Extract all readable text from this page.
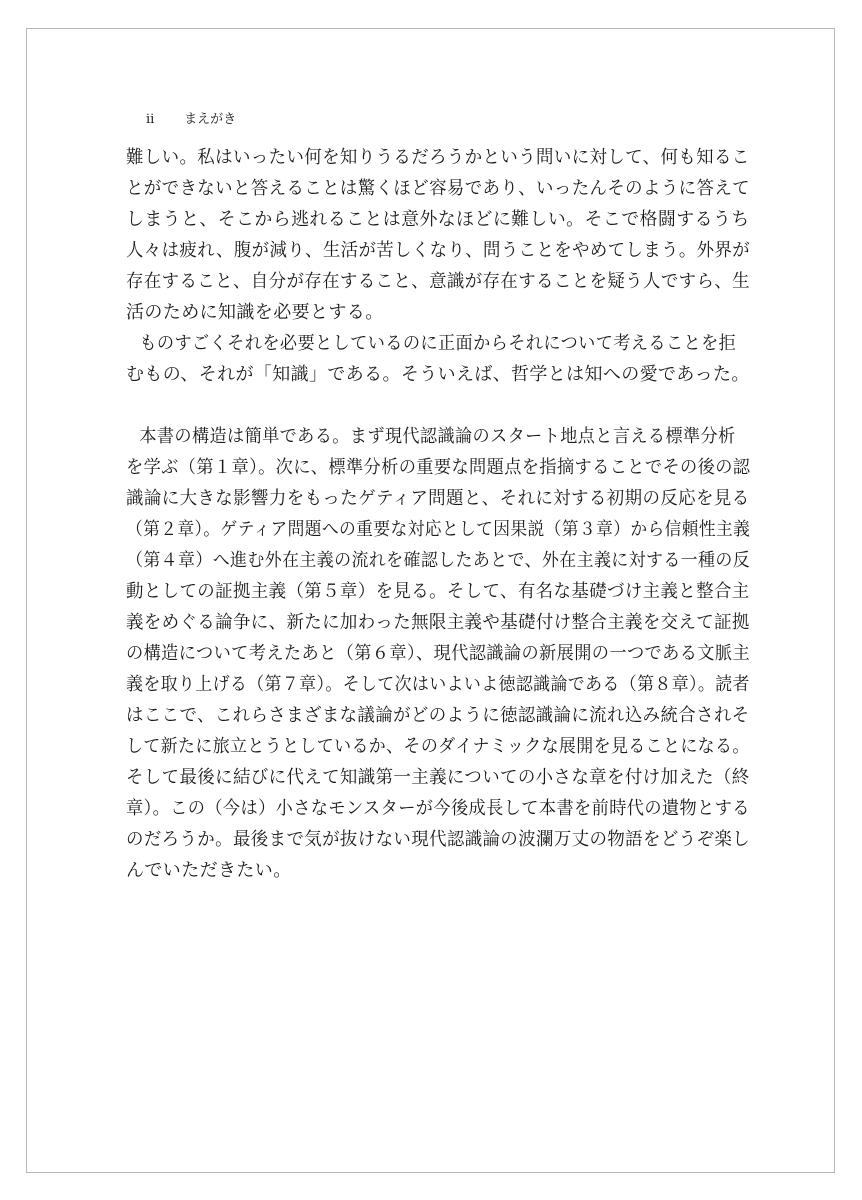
ii まえがき
難しい。私はいったい何を知りうるだろうかという問いに対して、何も知るこ
とができないと答えることは驚くほど容易であり、いったんそのように答えて
しまうと、そこから逃れることは意外なほどに難しい。そこで格闘するうち
人々は疲れ、腹が減り、生活が苦しくなり、問うことをやめてしまう。外界が
存在すること、自分が存在すること、意識が存在することを疑う人ですら、生
活のために知識を必要とする。
ものすごくそれを必要としているのに正面からそれについて考えることを拒
むもの、それが「知識」である。そういえば、哲学とは知への愛であった。
本書の構造は簡単である。まず現代認識論のスタート地点と言える標準分析
を学ぶ（第１章）。次に、標準分析の重要な問題点を指摘することでその後の認
識論に大きな影響力をもったゲティア問題と、それに対する初期の反応を見る
（第２章）。ゲティア問題への重要な対応として因果説（第３章）から信頼性主義
（第４章）へ進む外在主義の流れを確認したあとで、外在主義に対する一種の反
動としての証拠主義（第５章）を見る。そして、有名な基礎づけ主義と整合主
義をめぐる論争に、新たに加わった無限主義や基礎付け整合主義を交えて証拠
の構造について考えたあと（第６章）、現代認識論の新展開の一つである文脈主
義を取り上げる（第７章）。そして次はいよいよ徳認識論である（第８章）。読者
はここで、これらさまざまな議論がどのように徳認識論に流れ込み統合されそ
して新たに旅立とうとしているか、そのダイナミックな展開を見ることになる。
そして最後に結びに代えて知識第一主義についての小さな章を付け加えた（終
章）。この（今は）小さなモンスターが今後成長して本書を前時代の遺物とする
のだろうか。最後まで気が抜けない現代認識論の波瀾万丈の物語をどうぞ楽し
んでいただきたい。
